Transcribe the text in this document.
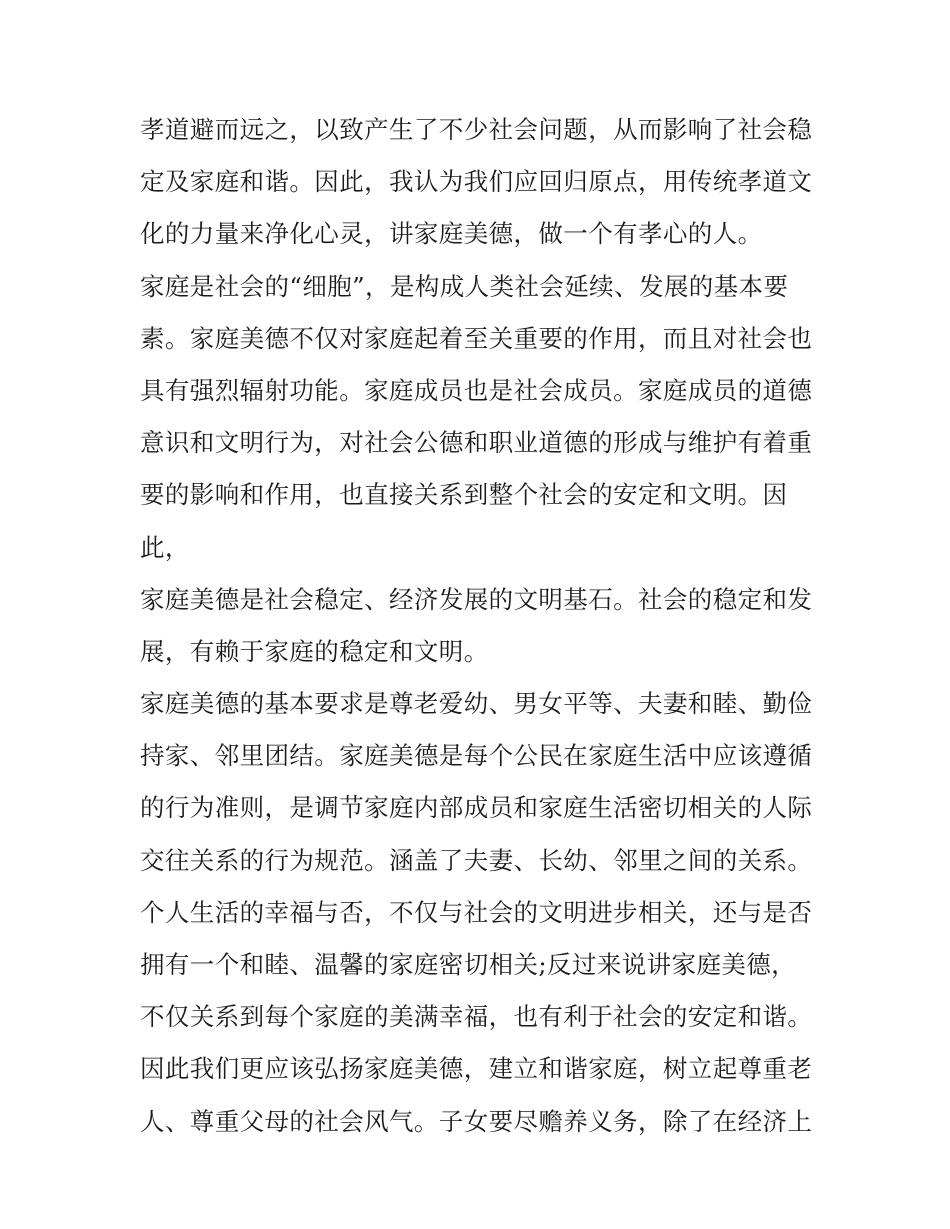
孝道避而远之，以致产生了不少社会问题，从而影响了社会稳
定及家庭和谐。因此，我认为我们应回归原点，用传统孝道文
化的力量来净化心灵，讲家庭美德，做一个有孝心的人。
家庭是社会的“细胞”，是构成人类社会延续、发展的基本要
素。家庭美德不仅对家庭起着至关重要的作用，而且对社会也
具有强烈辐射功能。家庭成员也是社会成员。家庭成员的道德
意识和文明行为，对社会公德和职业道德的形成与维护有着重
要的影响和作用，也直接关系到整个社会的安定和文明。因
此，
家庭美德是社会稳定、经济发展的文明基石。社会的稳定和发
展，有赖于家庭的稳定和文明。
家庭美德的基本要求是尊老爱幼、男女平等、夫妻和睦、勤俭
持家、邻里团结。家庭美德是每个公民在家庭生活中应该遵循
的行为准则，是调节家庭内部成员和家庭生活密切相关的人际
交往关系的行为规范。涵盖了夫妻、长幼、邻里之间的关系。
个人生活的幸福与否，不仅与社会的文明进步相关，还与是否
拥有一个和睦、温馨的家庭密切相关;反过来说讲家庭美德，
不仅关系到每个家庭的美满幸福，也有利于社会的安定和谐。
因此我们更应该弘扬家庭美德，建立和谐家庭，树立起尊重老
人、尊重父母的社会风气。子女要尽赡养义务，除了在经济上
